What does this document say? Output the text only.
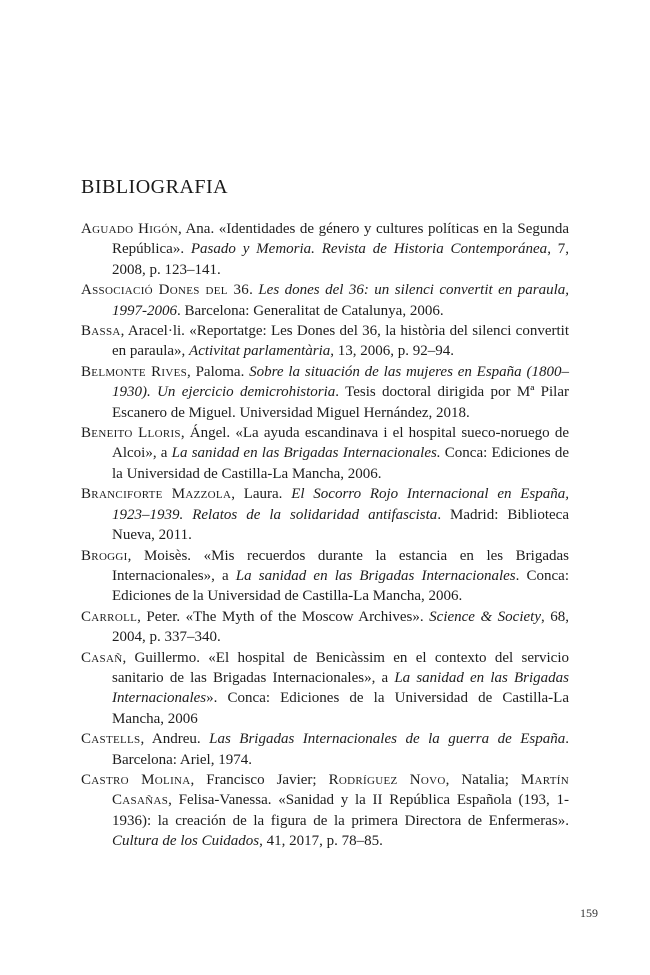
BIBLIOGRAFIA
Aguado Higón, Ana. «Identidades de género y cultures políticas en la Segunda República». Pasado y Memoria. Revista de Historia Contemporánea, 7, 2008, p. 123–141.
Associació Dones del 36. Les dones del 36: un silenci convertit en paraula, 1997-2006. Barcelona: Generalitat de Catalunya, 2006.
Bassa, Aracel·li. «Reportatge: Les Dones del 36, la història del silenci convertit en paraula», Activitat parlamentària, 13, 2006, p. 92–94.
Belmonte Rives, Paloma. Sobre la situación de las mujeres en España (1800–1930). Un ejercicio demicrohistoria. Tesis doctoral dirigida por Mª Pilar Escanero de Miguel. Universidad Miguel Hernández, 2018.
Beneito Lloris, Ángel. «La ayuda escandinava i el hospital sueco-noruego de Alcoi», a La sanidad en las Brigadas Internacionales. Conca: Ediciones de la Universidad de Castilla-La Mancha, 2006.
Branciforte Mazzola, Laura. El Socorro Rojo Internacional en España, 1923–1939. Relatos de la solidaridad antifascista. Madrid: Biblioteca Nueva, 2011.
Broggi, Moisès. «Mis recuerdos durante la estancia en les Brigadas Internacionales», a La sanidad en las Brigadas Internacionales. Conca: Ediciones de la Universidad de Castilla-La Mancha, 2006.
Carroll, Peter. «The Myth of the Moscow Archives». Science & Society, 68, 2004, p. 337–340.
Casañ, Guillermo. «El hospital de Benicàssim en el contexto del servicio sanitario de las Brigadas Internacionales», a La sanidad en las Brigadas Internacionales». Conca: Ediciones de la Universidad de Castilla-La Mancha, 2006
Castells, Andreu. Las Brigadas Internacionales de la guerra de España. Barcelona: Ariel, 1974.
Castro Molina, Francisco Javier; Rodríguez Novo, Natalia; Martín Casañas, Felisa-Vanessa. «Sanidad y la II República Española (193, 1-1936): la creación de la figura de la primera Directora de Enfermeras». Cultura de los Cuidados, 41, 2017, p. 78–85.
159
